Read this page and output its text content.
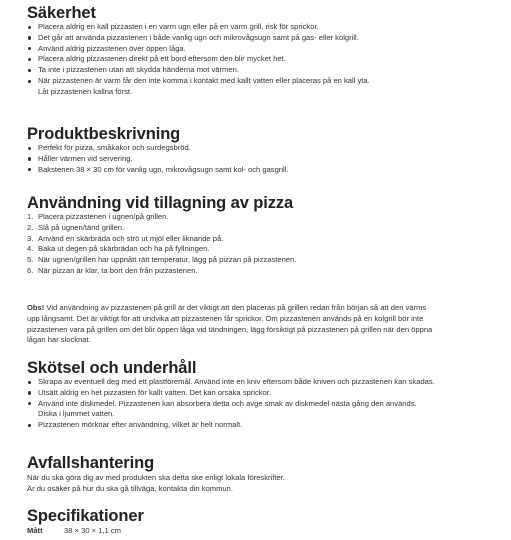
Säkerhet
Placera aldrig en kall pizzasten i en varm ugn eller på en varm grill, risk för sprickor.
Det går att använda pizzastenen i både vanlig ugn och mikrovågsugn samt på gas- eller kolgrill.
Använd aldrig pizzastenen över öppen låga.
Placera aldrig pizzastenen direkt på ett bord eftersom den blir mycket het.
Ta inte i pizzastenen utan att skydda händerna mot värmen.
När pizzastenen är varm får den inte komma i kontakt med kallt vatten eller placeras på en kall yta.
Låt pizzastenen kallna först.
Produktbeskrivning
Perfekt för pizza, småkakor och surdegsbröd.
Håller värmen vid servering.
Bakstenen 38 × 30 cm för vanlig ugn, mikrovågsugn samt kol- och gasgrill.
Användning vid tillagning av pizza
1. Placera pizzastenen i ugnen/på grillen.
2. Slå på ugnen/tänd grillen.
3. Använd en skärbräda och strö ut mjöl eller liknande på.
4. Baka ut degen på skärbrädan och ha på fyllningen.
5. När ugnen/grillen har uppnått rätt temperatur, lägg på pizzan på pizzastenen.
6. När pizzan är klar, ta bort den från pizzastenen.

Obs! Vid användning av pizzastenen på grill är det viktigt att den placeras på grillen redan från början så att den värms
upp långsamt. Det är viktigt för att undvika att pizzastenen får sprickor. Om pizzastenen används på en kolgrill bör inte
pizzastenen vara på grillen om det blir öppen låga vid tändningen, lägg försiktigt på pizzastenen på grillen när den öppna
lågan har slocknat.

Skötsel och underhåll
Skrapa av eventuell deg med ett plastföremål. Använd inte en kniv eftersom både kniven och pizzastenen kan skadas.
Utsätt aldrig en het pizzasten för kallt vatten. Det kan orsaka sprickor.
Använd inte diskmedel. Pizzastenen kan absorbera detta och avge smak av diskmedel nästa gång den används.
Diska i ljummet vatten.
Pizzastenen mörknar efter användning, vilket är helt normalt.
Avfallshantering

När du ska göra dig av med produkten ska detta ske enligt lokala föreskrifter.
Är du osäker på hur du ska gå tillväga, kontakta din kommun.

Specifikationer
Mått	38 × 30 × 1,1 cm
